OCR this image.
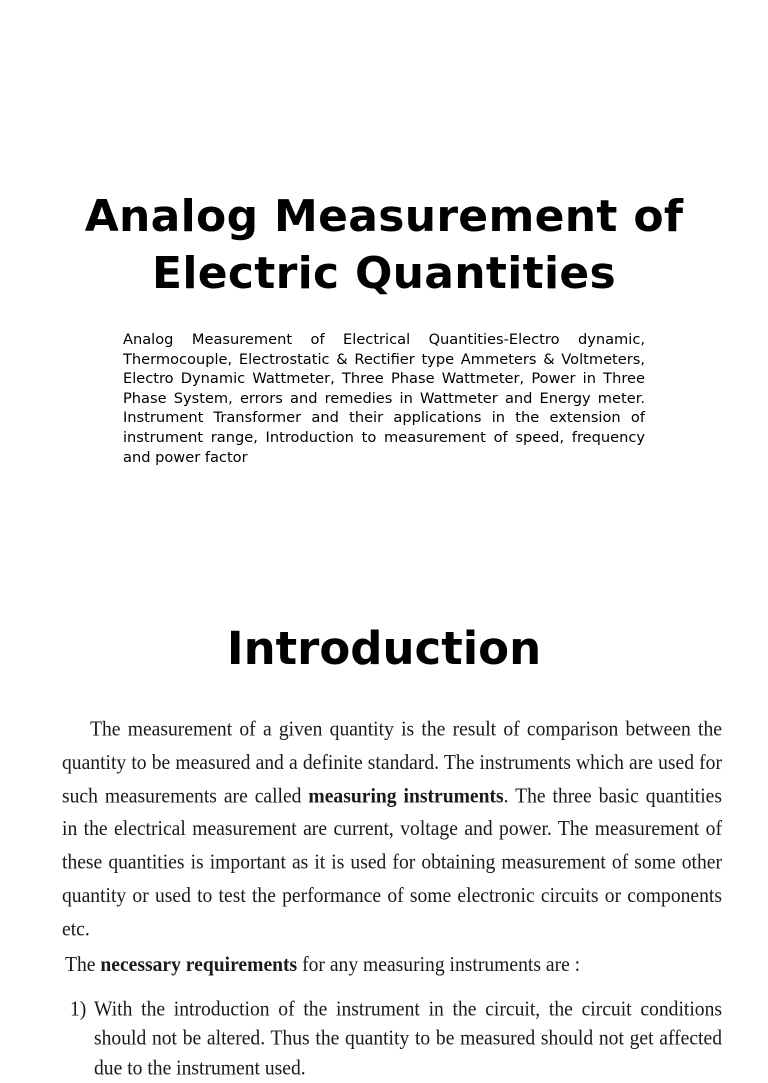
Analog Measurement of
Electric Quantities

Analog Measurement of Electrical Quantities-Electro dynamic, Thermocouple, Electrostatic & Rectifier type Ammeters & Voltmeters, Electro Dynamic Wattmeter, Three Phase Wattmeter, Power in Three Phase System, errors and remedies in Wattmeter and Energy meter. Instrument Transformer and their applications in the extension of instrument range, Introduction to measurement of speed, frequency and power factor

Introduction

The measurement of a given quantity is the result of comparison between the quantity to be measured and a definite standard. The instruments which are used for such measurements are called measuring instruments. The three basic quantities in the electrical measurement are current, voltage and power. The measurement of these quantities is important as it is used for obtaining measurement of some other quantity or used to test the performance of some electronic circuits or components etc.

The necessary requirements for any measuring instruments are :

1) With the introduction of the instrument in the circuit, the circuit conditions should not be altered. Thus the quantity to be measured should not get affected due to the instrument used.
